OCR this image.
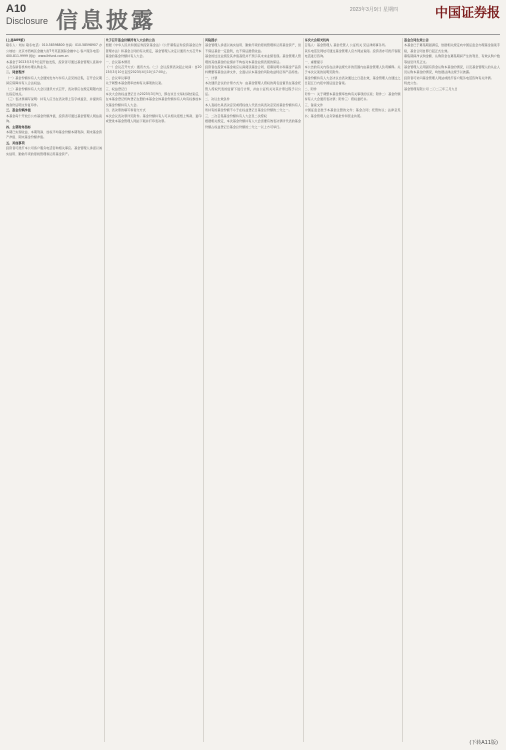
A10
Disclosure 信息披露	2023年3月9日 星期四	中国证券报

(上接A09版)

联系人：刘东 联系电话：010-58598800 传真：010-58598907 办公地址：北京市西城区金融大街7号英蓝国际金融中心 客户服务电话：400-811-9999 网址：www.lhfund.com.cn

本基金于2023年3月9日起开始发售，投资者可通过基金管理人直销中心及各销售机构办理认购业务。

二、同意程序

（一）基金份额持有人大会通知发布与持有人意见的征集，召开会议期间应保障持有人合法权益。

（二）基金份额持有人大会以通讯方式召开，表决票应在规定期限内送达指定地点。

（三）表决票填写说明：持有人应当在表决票上签字或盖章，并提供有效身份证明文件复印件。

三、基金份额净值

本基金每个开放日公布基金份额净值，投资者可通过基金管理人网站查询。

四、主要财务指标

本期已实现收益、本期利润、加权平均基金份额本期利润、期末基金资产净值、期末基金份额净值。

五、其他事项

投资者可拨打本公司客户服务电话咨询相关事宜。基金管理人承诺以诚实信用、勤勉尽责的原则管理和运用基金资产。

关于召开基金份额持有人大会的公告

根据《中华人民共和国证券投资基金法》《公开募集证券投资基金运作管理办法》和基金合同的有关规定，基金管理人决定以通讯方式召开本基金的基金份额持有人大会。

一、会议基本情况

（一）会议召开方式：通讯方式。（二）会议投票表决起止时间：自2023年3月10日起至2023年4月10日17:00止。

二、会议审议事项

关于调整本基金费率结构有关事项的议案。

三、权益登记日

本次大会的权益登记日为2023年3月9日，即在该日交易时间结束后，在本基金登记机构登记在册的本基金全体基金份额持有人均有权参加本次基金份额持有人大会。

四、表决票的填写和寄交方式

本次会议表决票详见附件。基金份额持有人可从相关报纸上剪裁、复印或登录本基金管理人网站下载并打印表决票。

风险提示

基金管理人承诺以诚实信用、勤勉尽责的原则管理和运用基金资产，但不保证基金一定盈利，也不保证最低收益。

基金的过往业绩及其净值高低并不预示其未来业绩表现。基金管理人管理的其他基金的业绩并不构成对本基金业绩表现的保证。

投资者在投资本基金前应认真阅读基金合同、招募说明书和基金产品资料概要等基金法律文件，全面认识本基金的风险收益特征和产品特性。

一、计票

本次通讯会议的计票方式为：由基金管理人授权的两名监督员在基金托管人授权代表的监督下进行计票，并由公证机关对其计票过程予以公证。

二、决议生效条件

本人直接出具表决意见或授权他人代表出具表决意见的基金份额持有人所持有的基金份额不小于在权益登记日基金总份额的二分之一。

三、二次召集基金份额持有人大会及二次授权

根据相关规定，本次基金份额持有人大会需要有效表决票所代表的基金份额占权益登记日基金总份额的二分之一以上方可举行。

本次大会相关机构

召集人：基金管理人 基金托管人 公证机关 见证律师事务所。

联系电话及网址可通过基金管理人官方网站查阅。投资者亦可拨打客服电话进行咨询。

一、重要提示

本公告的有关内容在法律法规允许的范围内由基金管理人负责解释。关于本次议案的说明见附件。

基金份额持有人大会决议自表决通过之日起生效，基金管理人自通过之日起五日内报中国证监会备案。

二、附件

附件一：关于调整本基金费率结构有关事项的议案；附件二：基金份额持有人大会通讯表决票；附件三：授权委托书。

三、备查文件

中国证监会准予本基金注册的文件；基金合同；托管协议；法律意见书；基金管理人业务资格批件和营业执照。

基金合同生效公告

本基金已于募集期届满后，依据相关规定向中国证监会办理基金备案手续，基金合同自即日起正式生效。

募集期间净认购金额、认购资金在募集期间产生的利息、有效认购户数等信息详见正文。

基金管理人运用固有资金认购本基金的情况，以及基金管理人的从业人员认购本基金的情况，均依据法律法规予以披露。

投资者可访问基金管理人网站或拨打客户服务电话咨询有关详情。

特此公告。

基金管理有限公司 二〇二三年三月九日

(下转A11版)
